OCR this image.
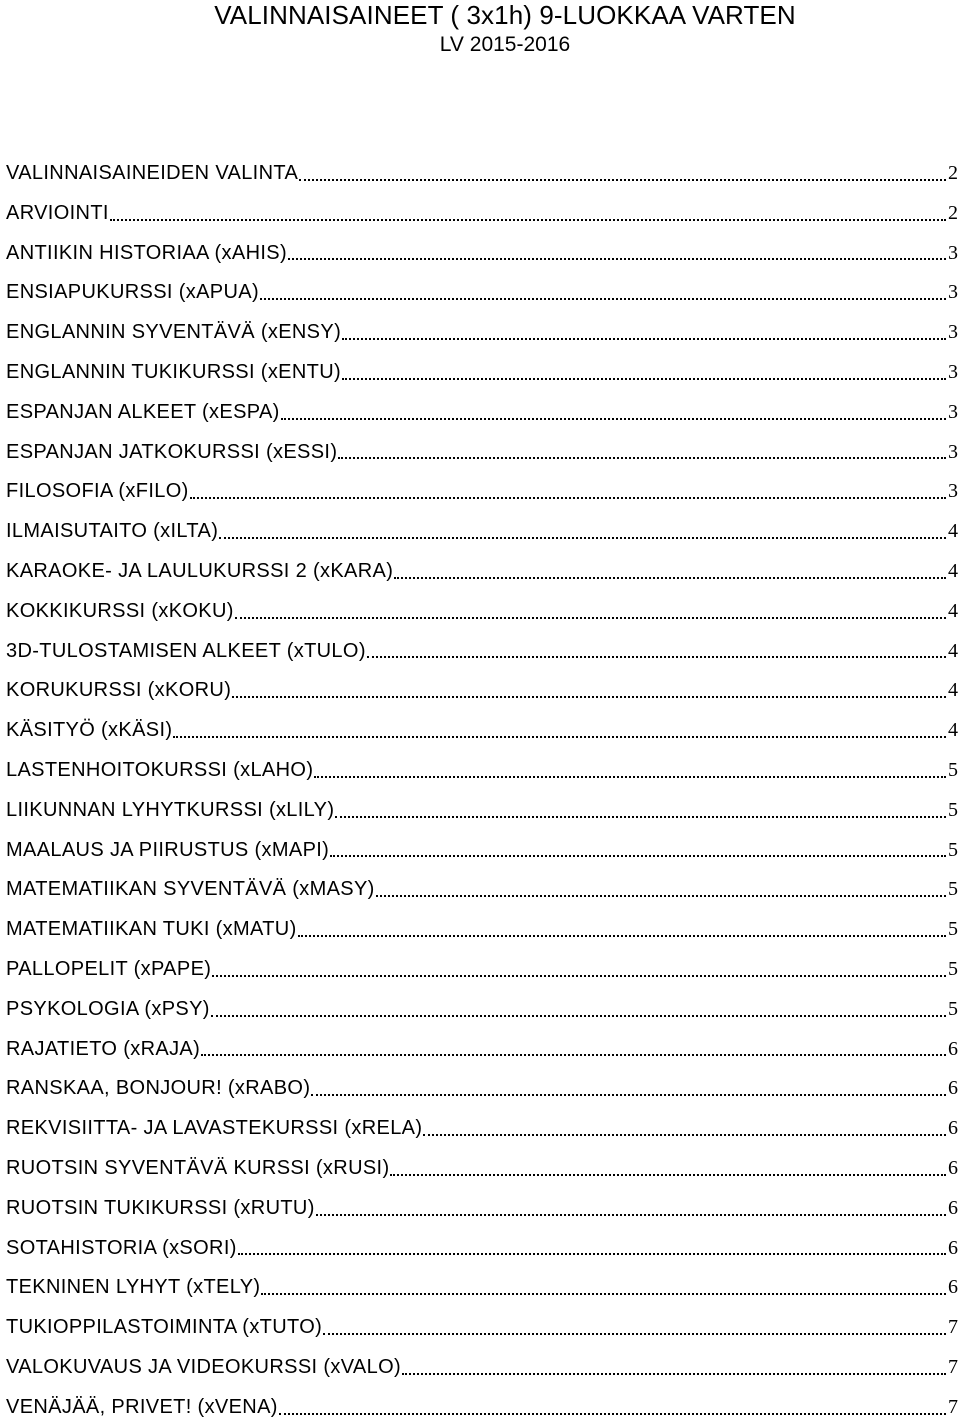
VALINNAISAINEET ( 3x1h) 9-LUOKKAA VARTEN
LV 2015-2016
VALINNAISAINEIDEN VALINTA	2
ARVIOINTI	2
ANTIIKIN HISTORIAA (xAHIS)	3
ENSIAPUKURSSI (xAPUA)	3
ENGLANNIN SYVENTÄVÄ (xENSY)	3
ENGLANNIN TUKIKURSSI (xENTU)	3
ESPANJAN ALKEET (xESPA)	3
ESPANJAN JATKOKURSSI (xESSI)	3
FILOSOFIA (xFILO)	3
ILMAISUTAITO (xILTA)	4
KARAOKE- JA LAULUKURSSI 2 (xKARA)	4
KOKKIKURSSI (xKOKU)	4
3D-TULOSTAMISEN ALKEET (xTULO)	4
KORUKURSSI (xKORU)	4
KÄSITYÖ (xKÄSI)	4
LASTENHOITOKURSSI (xLAHO)	5
LIIKUNNAN LYHYTKURSSI (xLILY)	5
MAALAUS JA PIIRUSTUS (xMAPI)	5
MATEMATIIKAN SYVENTÄVÄ (xMASY)	5
MATEMATIIKAN TUKI (xMATU)	5
PALLOPELIT (xPAPE)	5
PSYKOLOGIA (xPSY)	5
RAJATIETO (xRAJA)	6
RANSKAA, BONJOUR! (xRABO)	6
REKVISIITTA- JA LAVASTEKURSSI (xRELA)	6
RUOTSIN SYVENTÄVÄ KURSSI (xRUSI)	6
RUOTSIN TUKIKURSSI (xRUTU)	6
SOTAHISTORIA (xSORI)	6
TEKNINEN LYHYT (xTELY)	6
TUKIOPPILASTOIMINTA (xTUTO)	7
VALOKUVAUS JA VIDEOKURSSI (xVALO)	7
VENÄJÄÄ, PRIVET! (xVENA)	7
